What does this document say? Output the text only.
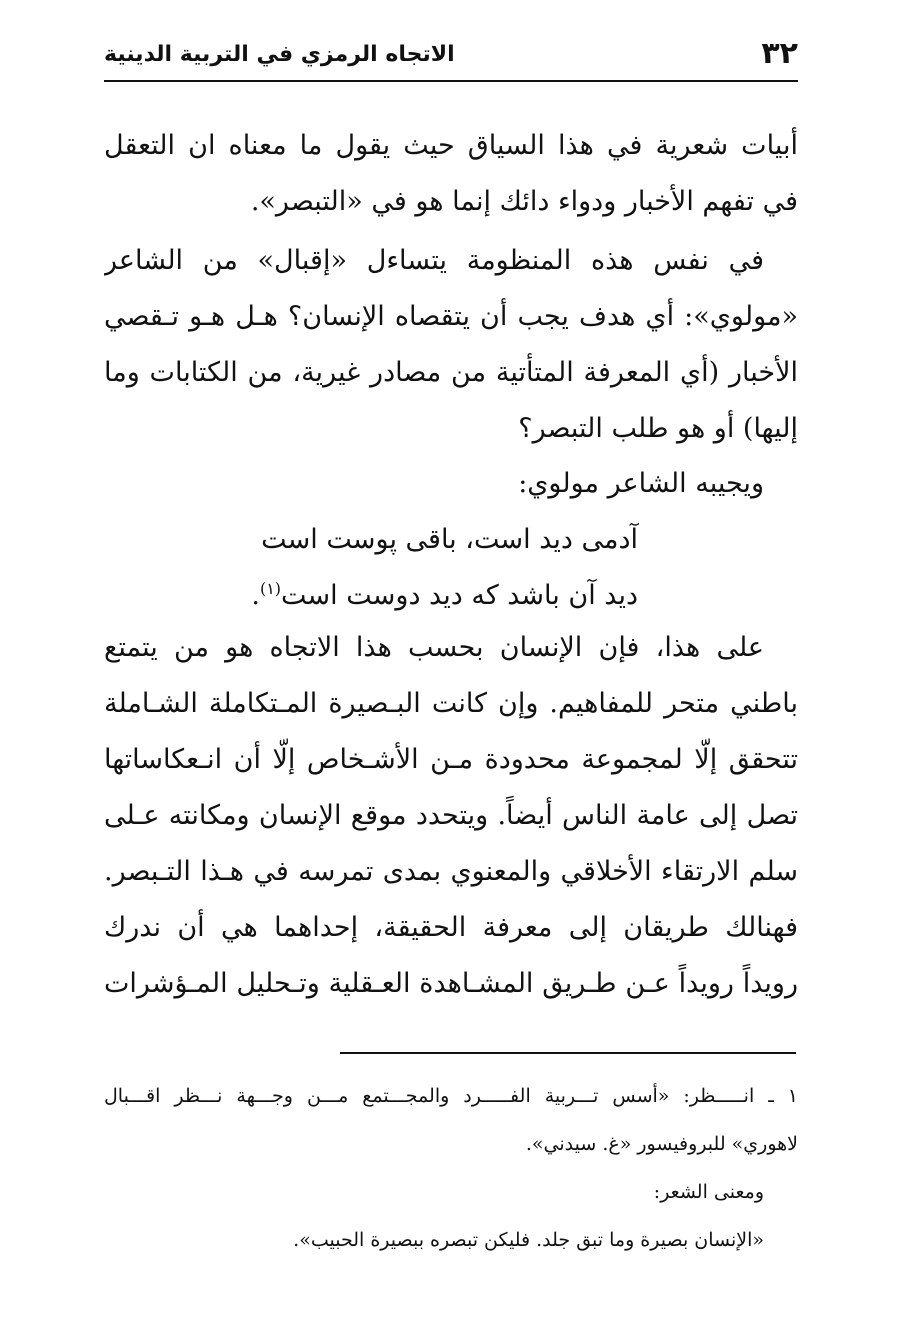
الاتجاه الرمزي في التربية الدينية	٣٢
أبيات شعرية في هذا السياق حيث يقول ما معناه ان التعقل
في تفهم الأخبار ودواء دائك إنما هو في «التبصر».
في نفس هذه المنظومة يتساءل «إقبال» من الشاعر
«مولوي»: أي هدف يجب أن يتقصاه الإنسان؟ هـل هـو تـقصي
الأخبار (أي المعرفة المتأتية من مصادر غيرية، من الكتابات وما
إليها) أو هو طلب التبصر؟
ويجيبه الشاعر مولوي:
آدمی دید است، باقی پوست است
دید آن باشد که دید دوست است$^{(١)}$.
على هذا، فإن الإنسان بحسب هذا الاتجاه هو من يتمتع
باطني متحر للمفاهيم. وإن كانت البـصيرة المـتكاملة الشـاملة
تتحقق إلّا لمجموعة محدودة مـن الأشـخاص إلّا أن انـعكاساتها
تصل إلى عامة الناس أيضاً. ويتحدد موقع الإنسان ومكانته عـلى
سلم الارتقاء الأخلاقي والمعنوي بمدى تمرسه في هـذا التـبصر.
فهنالك طريقان إلى معرفة الحقيقة، إحداهما هي أن ندرك
رويداً رويداً عـن طـريق المشـاهدة العـقلية وتـحليل المـؤشرات
١ ـ انـــــظر: «أسس تـــربية الفـــــرد والمجـــتمع مـــن وجـــهة نـــظر اقـــبال
لاهوري» للبروفيسور «غ. سيدني».
ومعنى الشعر:
«الإنسان بصيرة وما تبق جلد. فليكن تبصره ببصيرة الحبيب».
